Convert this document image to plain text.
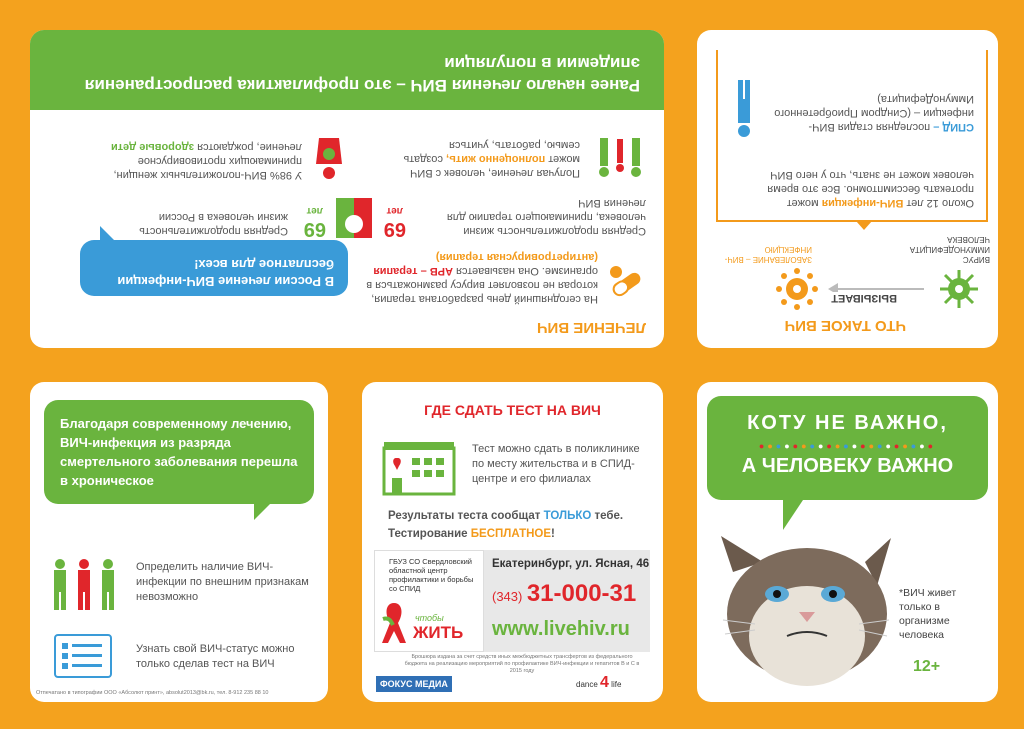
ЛЕЧЕНИЕ ВИЧ
На сегодняшний день разработана терапия, которая не позволяет вирусу размножаться в организме. Она называется АРВ – терапия
(антиретровирусная терапия)
В России лечение ВИЧ-инфекции бесплатное для всех!
69
лет
Средняя продолжительность жизни человека, принимающего терапию для лечения ВИЧ
69
лет
Средняя продолжительность жизни человека в России
Получая лечение, человек с ВИЧ может полноценно жить, создать семью, работать, учиться
У 98% ВИЧ-положительных женщин, принимающих противовирусное лечение, рождаются здоровые дети
Ранее начало лечения ВИЧ – это профилактика распространения эпидемии в популяции
ЧТО ТАКОЕ ВИЧ
ВЫЗЫВАЕТ
ВИРУС ИММУНОДЕФИЦИТА ЧЕЛОВЕКА
ЗАБОЛЕВАНИЕ – ВИЧ-ИНФЕКЦИЮ
Около 12 лет ВИЧ-инфекция может протекать бессимптомно. Все это время человек может не знать, что у него ВИЧ
СПИД – последняя стадия ВИЧ-инфекции – (Синдром Приобретенного ИммуноДефицита)
Благодаря современному лечению, ВИЧ-инфекция из разряда смертельного заболевания перешла в хроническое
Определить наличие ВИЧ-инфекции по внешним признакам невозможно
Узнать свой ВИЧ-статус можно только сделав тест на ВИЧ
Отпечатано в типографии ООО «Абсолют принт», absolut2013@bk.ru, тел. 8-912 235 88 10
ГДЕ СДАТЬ ТЕСТ НА ВИЧ
Тест можно сдать в поликлинике по месту жительства и в СПИД-центре и его филиалах
Результаты теста сообщат ТОЛЬКО тебе.
Тестирование БЕСПЛАТНОЕ!
ГБУЗ СО Свердловский областной центр профилактики и борьбы со СПИД
чтобы
ЖИТЬ
Екатеринбург, ул. Ясная, 46
(343) 31-000-31
www.livehiv.ru
Брошюра издана за счет средств иных межбюджетных трансфертов из федерального бюджета на реализацию мероприятий по профилактике ВИЧ-инфекции и гепатитов В и С в 2015 году
ФОКУС МЕДИА	dance 4 life
КОТУ НЕ ВАЖНО,
●●●●●●●●●●●●●●●●●●●●●
А ЧЕЛОВЕКУ ВАЖНО
*ВИЧ живет только в организме человека
12+
